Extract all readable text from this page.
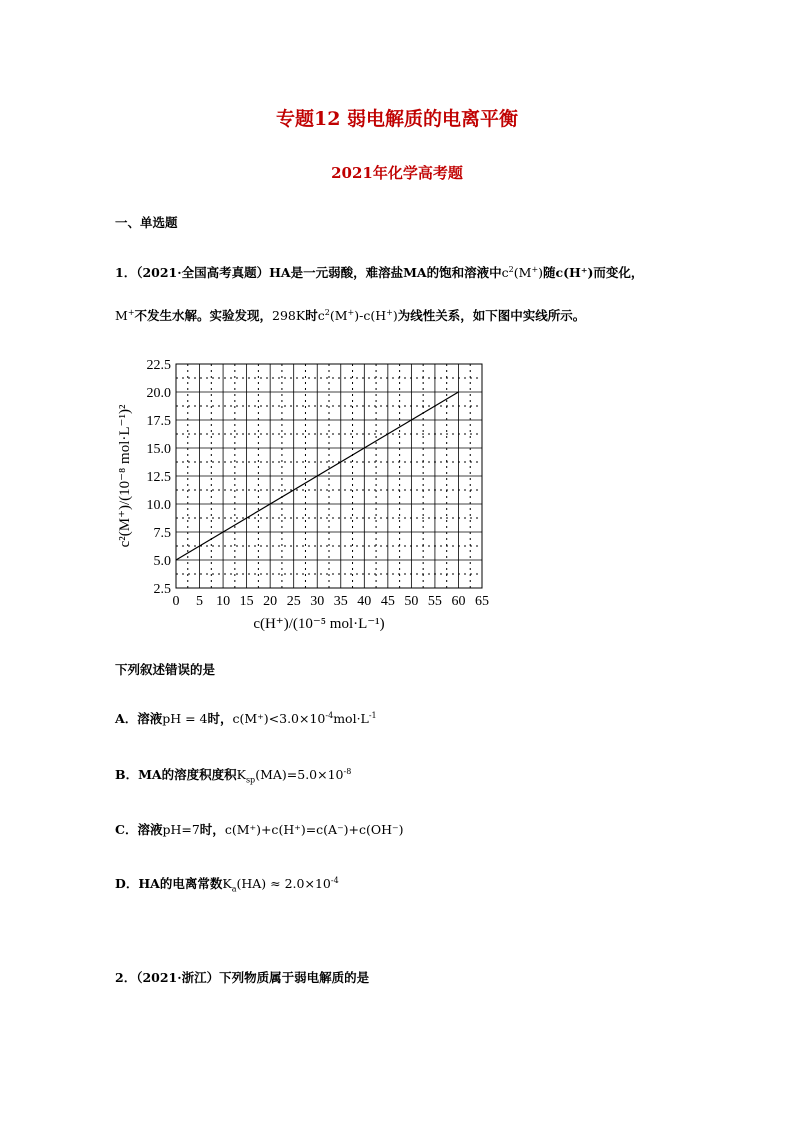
专题12 弱电解质的电离平衡
2021年化学高考题
一、单选题
1．（2021·全国高考真题）HA是一元弱酸，难溶盐MA的饱和溶液中$c^2(M^+)$随c(H⁺)而变化，
M+不发生水解。实验发现，298K时$c^2(M^+)-c(H^+)$为线性关系，如下图中实线所示。
0 5 10 15 20 25 30 35 40 45 50 55 60 65
2.5
5.0
7.5
10.0
12.5
15.0
17.5
20.0
22.5
c(H⁺)/(10⁻⁵ mol·L⁻¹)
c²(M⁺)/(10⁻⁸ mol·L⁻¹)²
下列叙述错误的是
A．溶液pH = 4时，$c(M^+)<3.0\times 10^{-4}mol\cdot L^{-1}$
B．MA的溶度积度积$K_{sp}(MA)=5.0\times 10^{-8}$
C．溶液pH=7时，c(M⁺)+c(H⁺)=c(A⁻)+c(OH⁻)
D．HA的电离常数$K_a(HA) \approx 2.0\times 10^{-4}$
2．（2021·浙江）下列物质属于弱电解质的是
